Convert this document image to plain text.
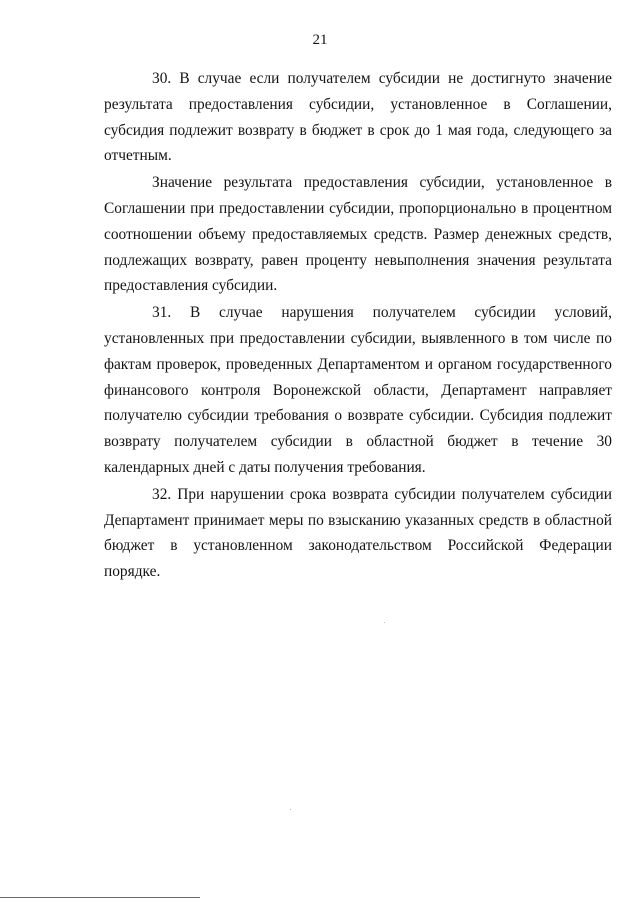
21

30. В случае если получателем субсидии не достигнуто значение результата предоставления субсидии, установленное в Соглашении, субсидия подлежит возврату в бюджет в срок до 1 мая года, следующего за отчетным.

Значение результата предоставления субсидии, установленное в Соглашении при предоставлении субсидии, пропорционально в процентном соотношении объему предоставляемых средств. Размер денежных средств, подлежащих возврату, равен проценту невыполнения значения результата предоставления субсидии.

31. В случае нарушения получателем субсидии условий, установленных при предоставлении субсидии, выявленного в том числе по фактам проверок, проведенных Департаментом и органом государственного финансового контроля Воронежской области, Департамент направляет получателю субсидии требования о возврате субсидии. Субсидия подлежит возврату получателем субсидии в областной бюджет в течение 30 календарных дней с даты получения требования.

32. При нарушении срока возврата субсидии получателем субсидии Департамент принимает меры по взысканию указанных средств в областной бюджет в установленном законодательством Российской Федерации порядке.
